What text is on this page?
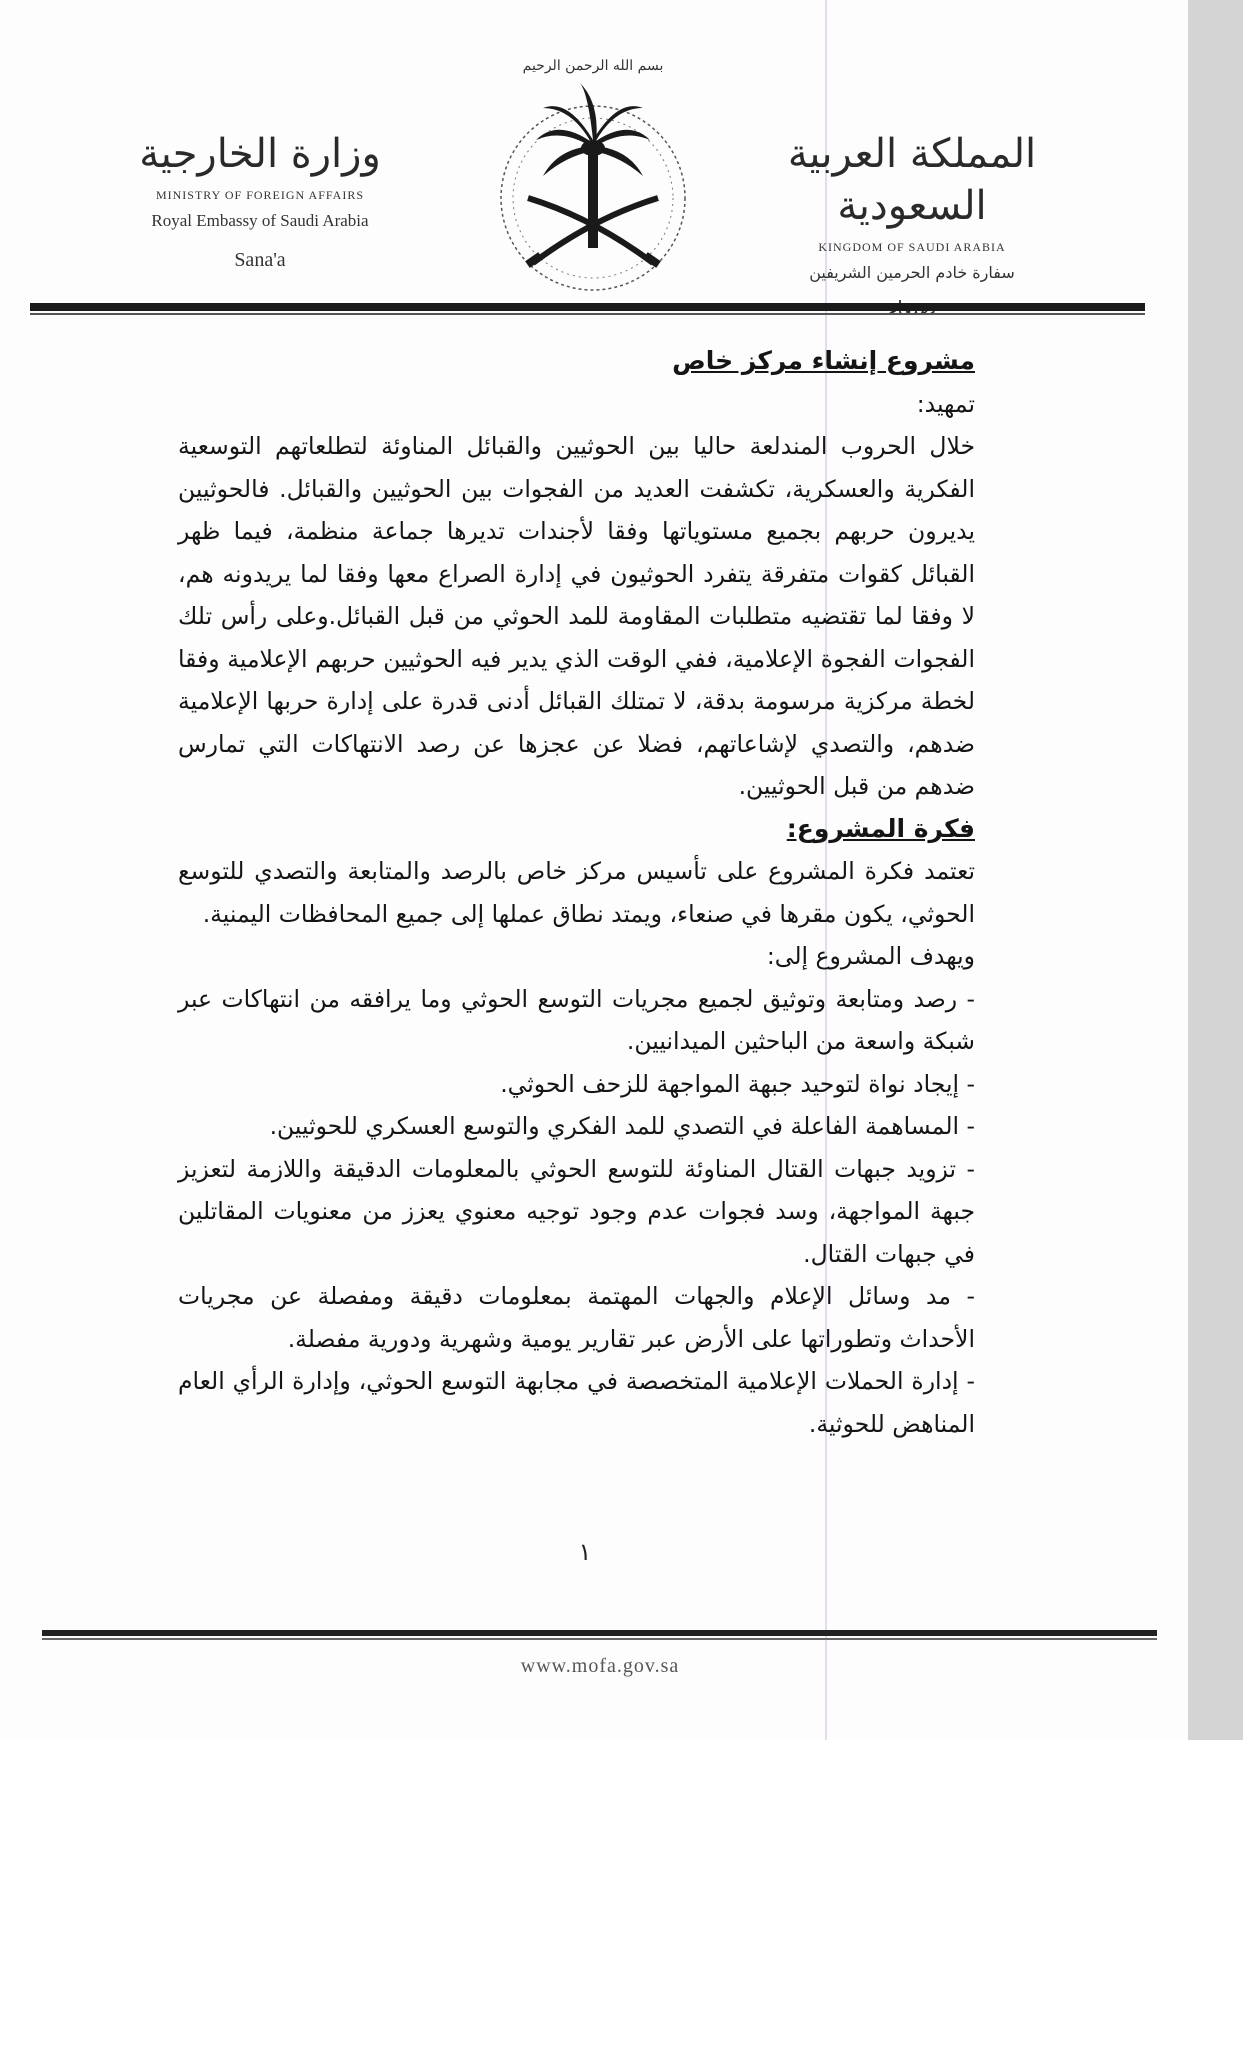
وزارة الخارجية
MINISTRY OF FOREIGN AFFAIRS
Royal Embassy of Saudi Arabia
Sana'a
بسم الله الرحمن الرحيم
المملكة العربية السعودية
KINGDOM OF SAUDI ARABIA
سفارة خادم الحرمين الشريفين

مشروع إنشاء مركز خاص

تمهيد:

خلال الحروب المندلعة حاليا بين الحوثيين والقبائل المناوئة لتطلعاتهم التوسعية الفكرية والعسكرية، تكشفت العديد من الفجوات بين الحوثيين والقبائل. فالحوثيين يديرون حربهم بجميع مستوياتها وفقا لأجندات تديرها جماعة منظمة، فيما ظهر القبائل كقوات متفرقة يتفرد الحوثيون في إدارة الصراع معها وفقا لما يريدونه هم، لا وفقا لما تقتضيه متطلبات المقاومة للمد الحوثي من قبل القبائل.وعلى رأس تلك الفجوات الفجوة الإعلامية، ففي الوقت الذي يدير فيه الحوثيين حربهم الإعلامية وفقا لخطة مركزية مرسومة بدقة، لا تمتلك القبائل أدنى قدرة على إدارة حربها الإعلامية ضدهم، والتصدي لإشاعاتهم، فضلا عن عجزها عن رصد الانتهاكات التي تمارس ضدهم من قبل الحوثيين.

فكرة المشروع:

تعتمد فكرة المشروع على تأسيس مركز خاص بالرصد والمتابعة والتصدي للتوسع الحوثي، يكون مقرها في صنعاء، ويمتد نطاق عملها إلى جميع المحافظات اليمنية.

ويهدف المشروع إلى:

- رصد ومتابعة وتوثيق لجميع مجريات التوسع الحوثي وما يرافقه من انتهاكات عبر شبكة واسعة من الباحثين الميدانيين.

- إيجاد نواة لتوحيد جبهة المواجهة للزحف الحوثي.

- المساهمة الفاعلة في التصدي للمد الفكري والتوسع العسكري للحوثيين.

- تزويد جبهات القتال المناوئة للتوسع الحوثي بالمعلومات الدقيقة واللازمة لتعزيز جبهة المواجهة، وسد فجوات عدم وجود توجيه معنوي يعزز من معنويات المقاتلين في جبهات القتال.

- مد وسائل الإعلام والجهات المهتمة بمعلومات دقيقة ومفصلة عن مجريات الأحداث وتطوراتها على الأرض عبر تقارير يومية وشهرية ودورية مفصلة.

- إدارة الحملات الإعلامية المتخصصة في مجابهة التوسع الحوثي، وإدارة الرأي العام المناهض للحوثية.

١
www.mofa.gov.sa
